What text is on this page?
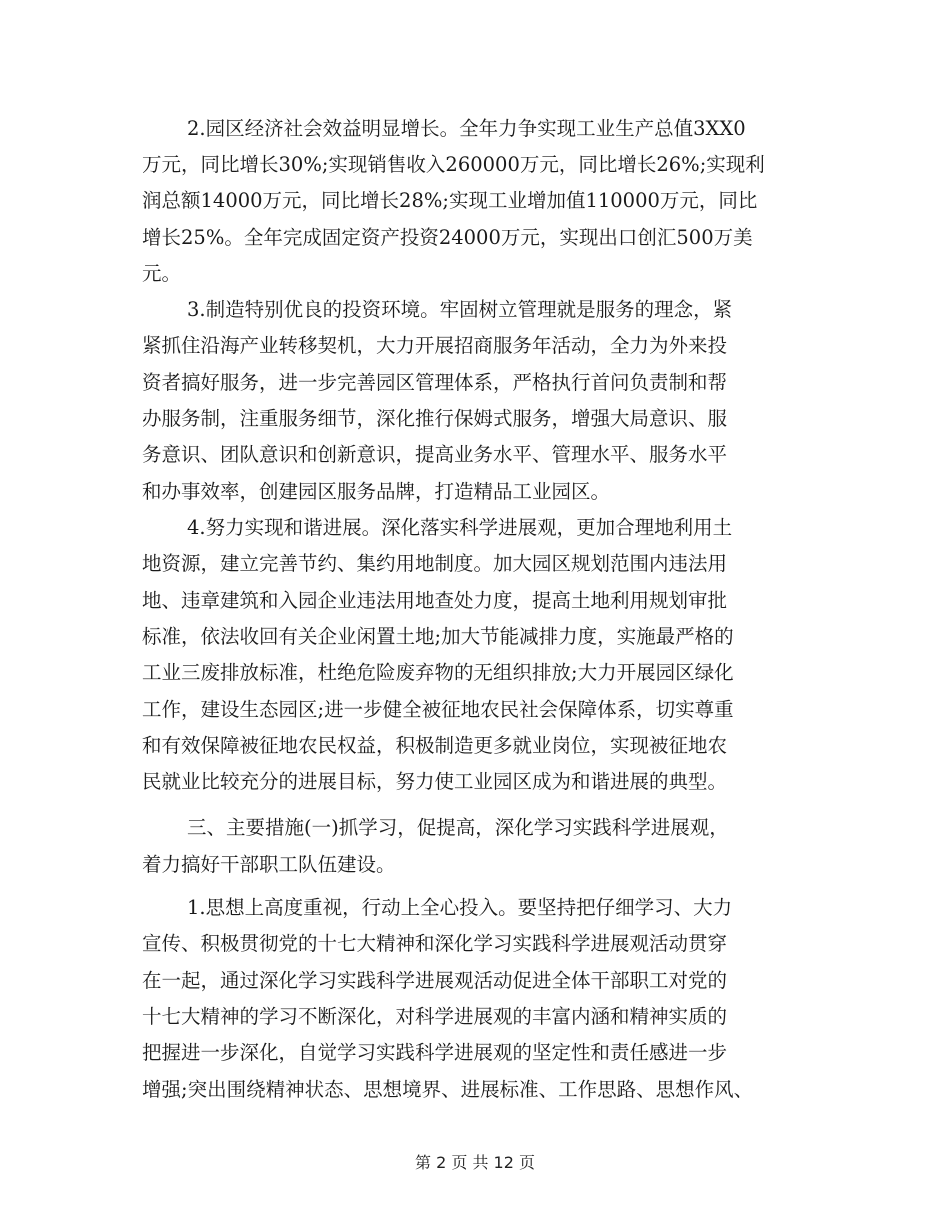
2.园区经济社会效益明显增长。全年力争实现工业生产总值3XX0
万元，同比增长30%;实现销售收入260000万元，同比增长26%;实现利
润总额14000万元，同比增长28%;实现工业增加值110000万元，同比
增长25%。全年完成固定资产投资24000万元，实现出口创汇500万美
元。
3.制造特别优良的投资环境。牢固树立管理就是服务的理念，紧
紧抓住沿海产业转移契机，大力开展招商服务年活动，全力为外来投
资者搞好服务，进一步完善园区管理体系，严格执行首问负责制和帮
办服务制，注重服务细节，深化推行保姆式服务，增强大局意识、服
务意识、团队意识和创新意识，提高业务水平、管理水平、服务水平
和办事效率，创建园区服务品牌，打造精品工业园区。
4.努力实现和谐进展。深化落实科学进展观，更加合理地利用土
地资源，建立完善节约、集约用地制度。加大园区规划范围内违法用
地、违章建筑和入园企业违法用地查处力度，提高土地利用规划审批
标准，依法收回有关企业闲置土地;加大节能减排力度，实施最严格的
工业三废排放标准，杜绝危险废弃物的无组织排放;大力开展园区绿化
工作，建设生态园区;进一步健全被征地农民社会保障体系，切实尊重
和有效保障被征地农民权益，积极制造更多就业岗位，实现被征地农
民就业比较充分的进展目标，努力使工业园区成为和谐进展的典型。
三、主要措施(一)抓学习，促提高，深化学习实践科学进展观，
着力搞好干部职工队伍建设。
1.思想上高度重视，行动上全心投入。要坚持把仔细学习、大力
宣传、积极贯彻党的十七大精神和深化学习实践科学进展观活动贯穿
在一起，通过深化学习实践科学进展观活动促进全体干部职工对党的
十七大精神的学习不断深化，对科学进展观的丰富内涵和精神实质的
把握进一步深化，自觉学习实践科学进展观的坚定性和责任感进一步
增强;突出围绕精神状态、思想境界、进展标准、工作思路、思想作风、
第 2 页 共 12 页
